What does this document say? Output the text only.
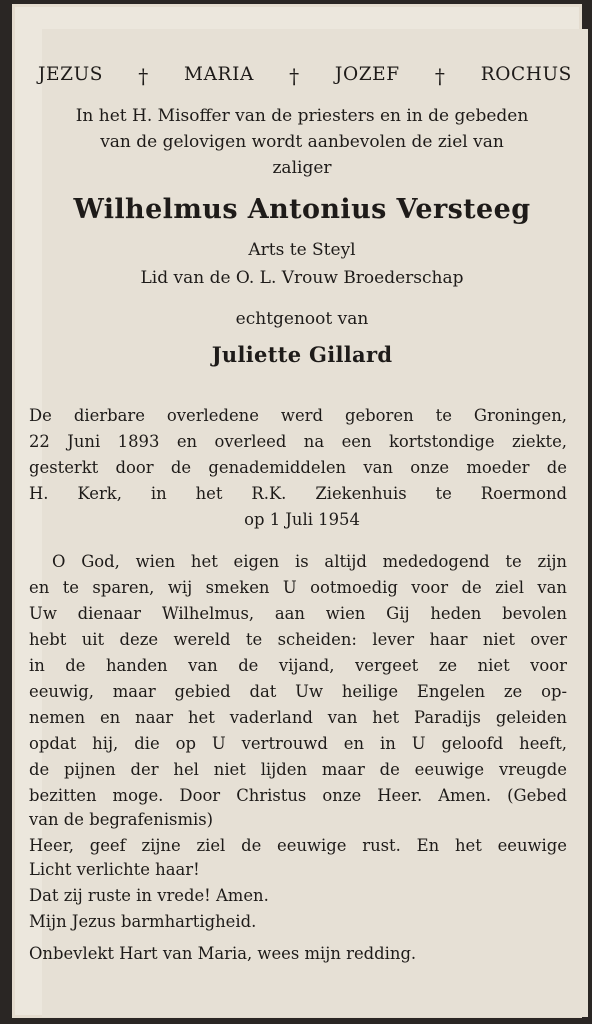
JEZUS † MARIA † JOZEF † ROCHUS
In het H. Misoffer van de priesters en in de gebeden
van de gelovigen wordt aanbevolen de ziel van
zaliger
Wilhelmus Antonius Versteeg
Arts te Steyl
Lid van de O. L. Vrouw Broederschap
echtgenoot van
Juliette Gillard
De dierbare overledene werd geboren te Groningen,
22 Juni 1893 en overleed na een kortstondige ziekte,
gesterkt door de genademiddelen van onze moeder de
H. Kerk, in het R.K. Ziekenhuis te Roermond
op 1 Juli 1954
O God, wien het eigen is altijd mededogend te zijn
en te sparen, wij smeken U ootmoedig voor de ziel van
Uw dienaar Wilhelmus, aan wien Gij heden bevolen
hebt uit deze wereld te scheiden: lever haar niet over
in de handen van de vijand, vergeet ze niet voor
eeuwig, maar gebied dat Uw heilige Engelen ze op-
nemen en naar het vaderland van het Paradijs geleiden
opdat hij, die op U vertrouwd en in U geloofd heeft,
de pijnen der hel niet lijden maar de eeuwige vreugde
bezitten moge. Door Christus onze Heer. Amen. (Gebed
van de begrafenismis)
Heer, geef zijne ziel de eeuwige rust. En het eeuwige
Licht verlichte haar!
Dat zij ruste in vrede! Amen.
Mijn Jezus barmhartigheid.
Onbevlekt Hart van Maria, wees mijn redding.
